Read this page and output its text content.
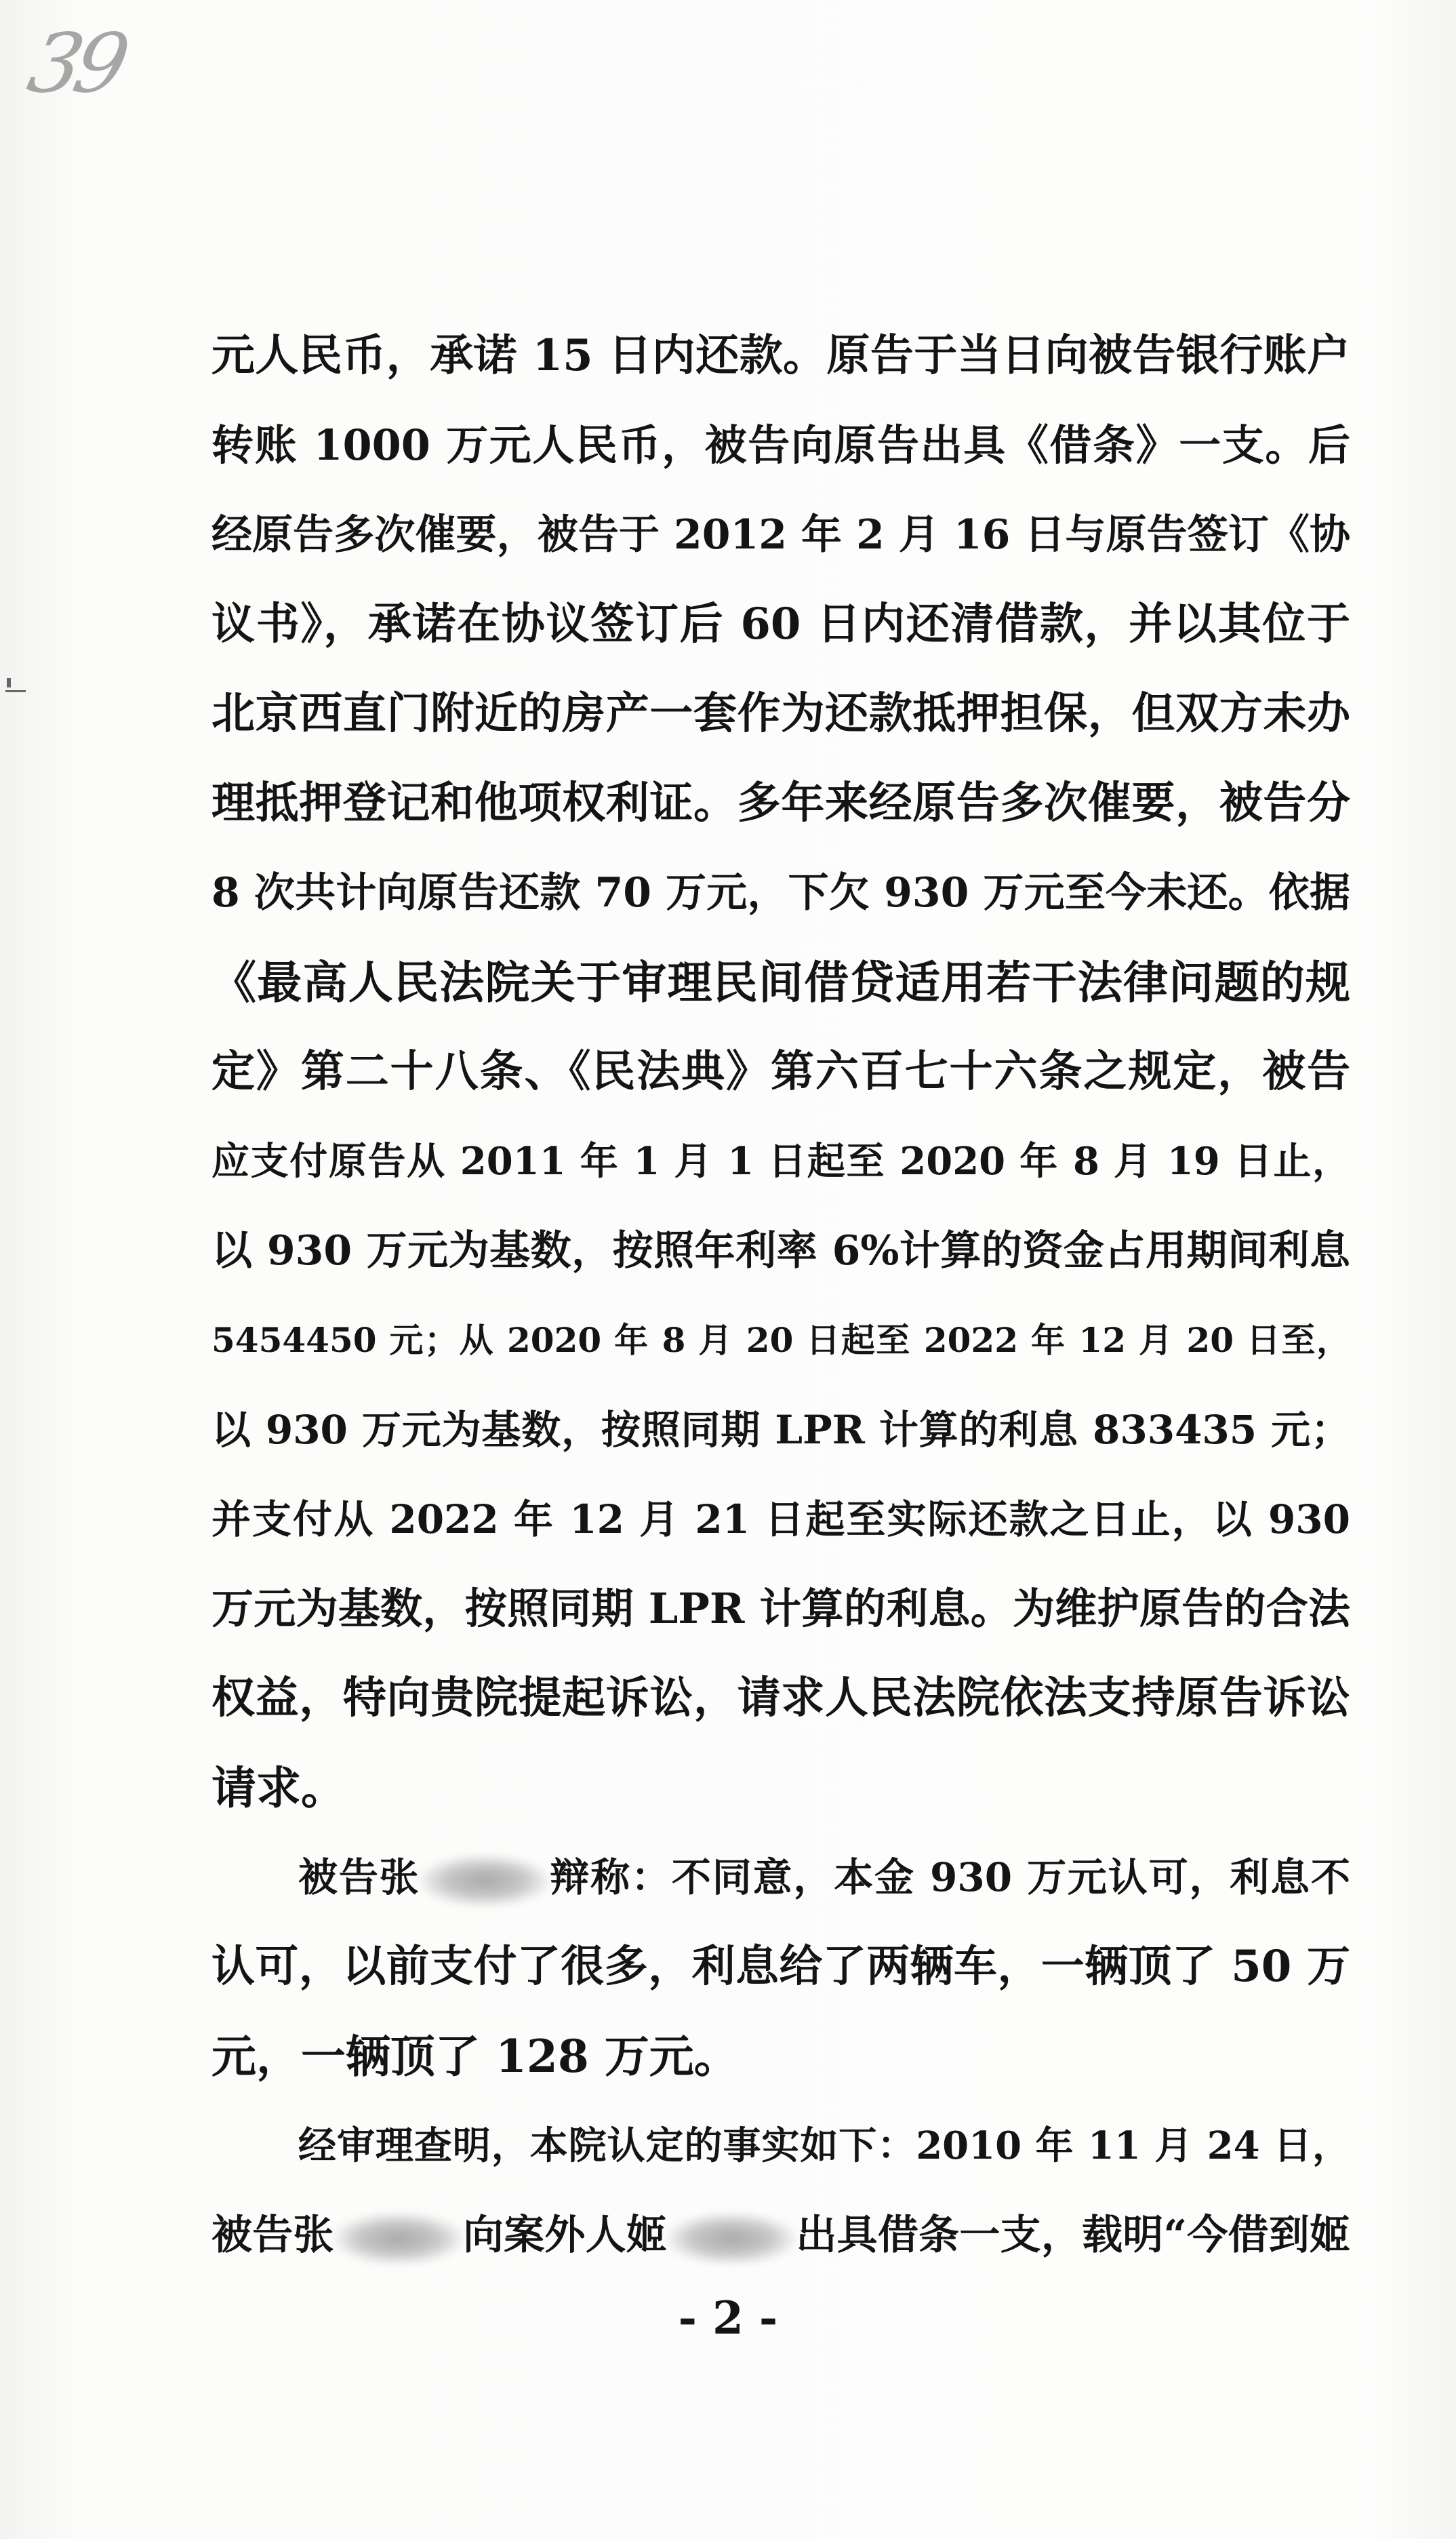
39
元人民币，承诺 15 日内还款。原告于当日向被告银行账户
转账 1000 万元人民币，被告向原告出具《借条》一支。后
经原告多次催要，被告于 2012 年 2 月 16 日与原告签订《协
议书》，承诺在协议签订后 60 日内还清借款，并以其位于
北京西直门附近的房产一套作为还款抵押担保，但双方未办
理抵押登记和他项权利证。多年来经原告多次催要，被告分
8 次共计向原告还款 70 万元，下欠 930 万元至今未还。依据
《最高人民法院关于审理民间借贷适用若干法律问题的规
定》第二十八条、《民法典》第六百七十六条之规定，被告
应支付原告从 2011 年 1 月 1 日起至 2020 年 8 月 19 日止，
以 930 万元为基数，按照年利率 6%计算的资金占用期间利息
5454450 元；从 2020 年 8 月 20 日起至 2022 年 12 月 20 日至，
以 930 万元为基数，按照同期 LPR 计算的利息 833435 元；
并支付从 2022 年 12 月 21 日起至实际还款之日止，以 930
万元为基数，按照同期 LPR 计算的利息。为维护原告的合法
权益，特向贵院提起诉讼，请求人民法院依法支持原告诉讼
请求。
被告张	辩称：不同意，本金 930 万元认可，利息不
认可，以前支付了很多，利息给了两辆车，一辆顶了 50 万
元，一辆顶了 128 万元。
经审理查明，本院认定的事实如下：2010 年 11 月 24 日，
被告张	向案外人姬	出具借条一支，载明“今借到姬
- 2 -
